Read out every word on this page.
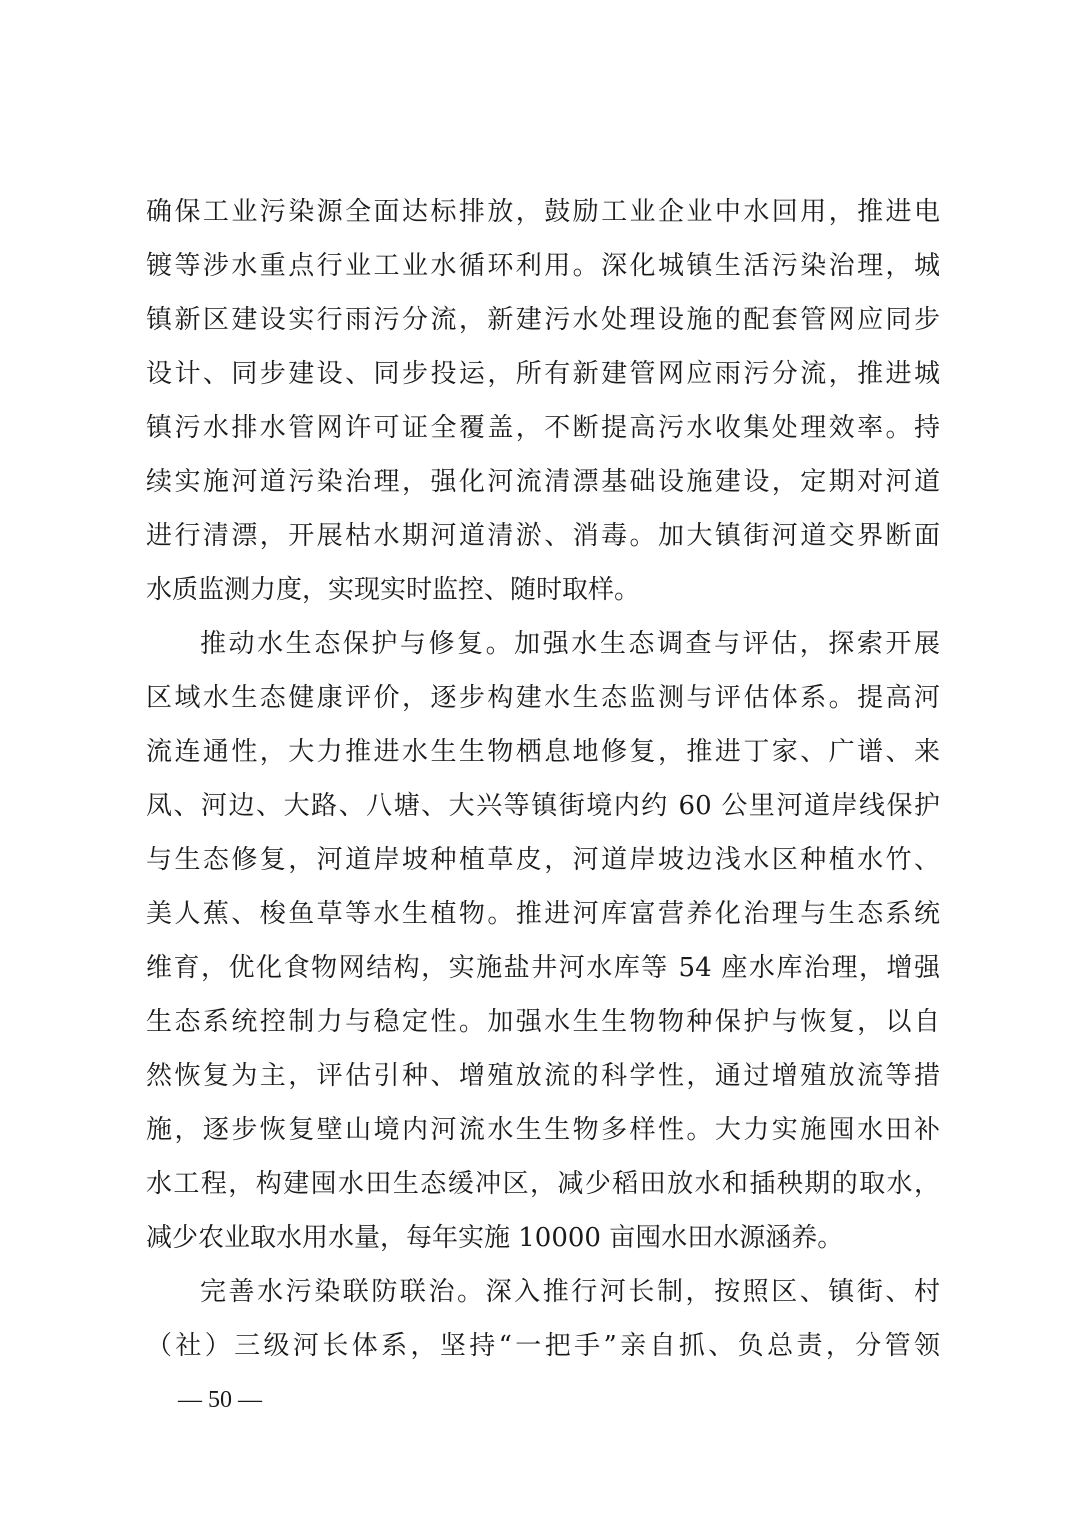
确保工业污染源全面达标排放，鼓励工业企业中水回用，推进电
镀等涉水重点行业工业水循环利用。深化城镇生活污染治理，城
镇新区建设实行雨污分流，新建污水处理设施的配套管网应同步
设计、同步建设、同步投运，所有新建管网应雨污分流，推进城
镇污水排水管网许可证全覆盖，不断提高污水收集处理效率。持
续实施河道污染治理，强化河流清漂基础设施建设，定期对河道
进行清漂，开展枯水期河道清淤、消毒。加大镇街河道交界断面
水质监测力度，实现实时监控、随时取样。
推动水生态保护与修复。加强水生态调查与评估，探索开展
区域水生态健康评价，逐步构建水生态监测与评估体系。提高河
流连通性，大力推进水生生物栖息地修复，推进丁家、广谱、来
凤、河边、大路、八塘、大兴等镇街境内约 60 公里河道岸线保护
与生态修复，河道岸坡种植草皮，河道岸坡边浅水区种植水竹、
美人蕉、梭鱼草等水生植物。推进河库富营养化治理与生态系统
维育，优化食物网结构，实施盐井河水库等 54 座水库治理，增强
生态系统控制力与稳定性。加强水生生物物种保护与恢复，以自
然恢复为主，评估引种、增殖放流的科学性，通过增殖放流等措
施，逐步恢复壁山境内河流水生生物多样性。大力实施囤水田补
水工程，构建囤水田生态缓冲区，减少稻田放水和插秧期的取水，
减少农业取水用水量，每年实施 10000 亩囤水田水源涵养。
完善水污染联防联治。深入推行河长制，按照区、镇街、村
（社）三级河长体系，坚持“一把手”亲自抓、负总责，分管领
— 50 —
